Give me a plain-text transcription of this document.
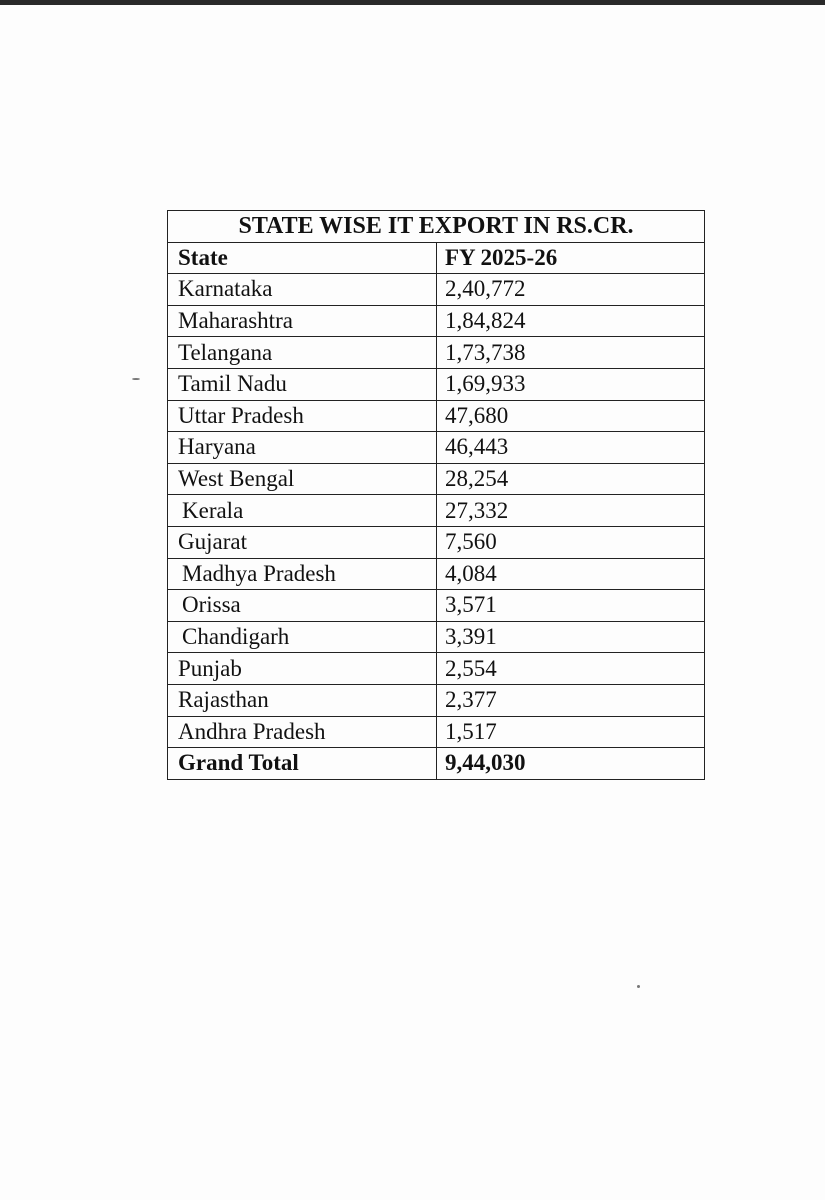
STATE WISE IT EXPORT IN RS.CR.	
State	FY 2025-26
Karnataka	2,40,772
Maharashtra	1,84,824
Telangana	1,73,738
Tamil Nadu	1,69,933
Uttar Pradesh	47,680
Haryana	46,443
West Bengal	28,254
Kerala	27,332
Gujarat	7,560
Madhya Pradesh	4,084
Orissa	3,571
Chandigarh	3,391
Punjab	2,554
Rajasthan	2,377
Andhra Pradesh	1,517
Grand Total	9,44,030
